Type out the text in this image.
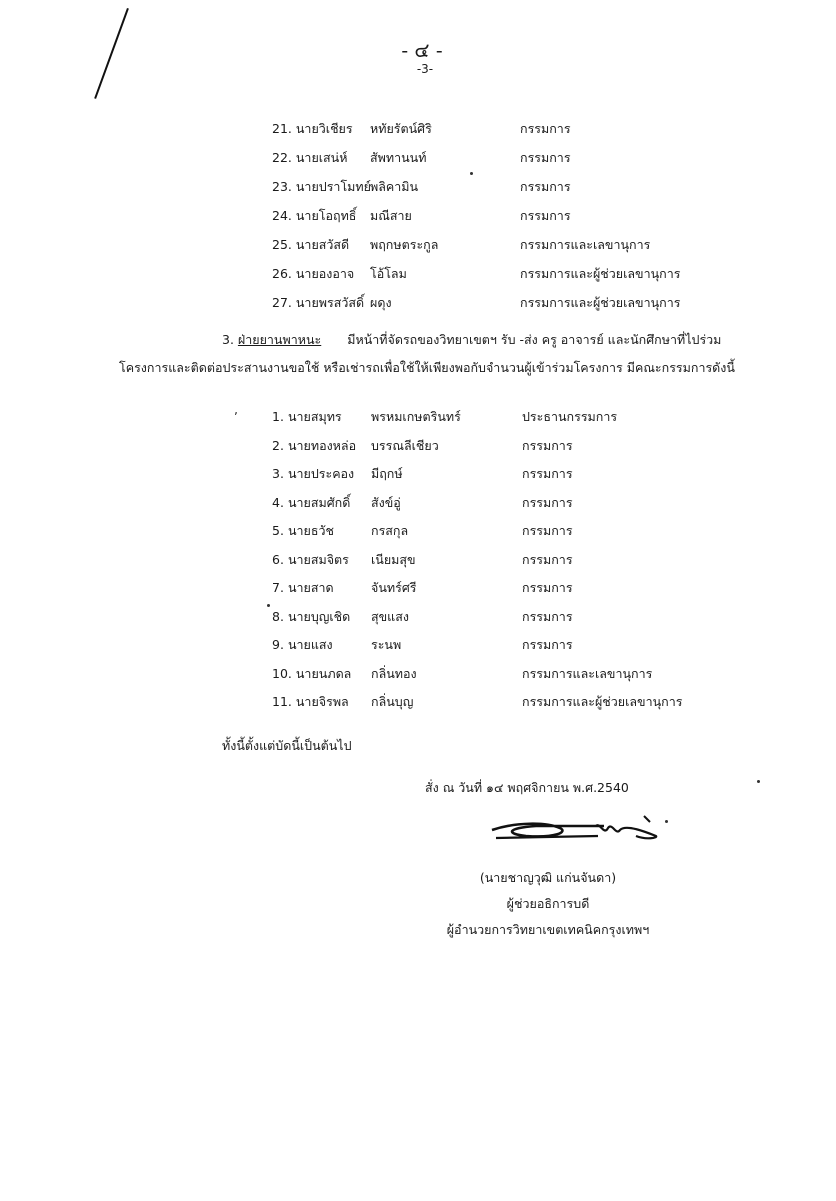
- ๔ -
-3-
21. นายวิเชียร หทัยรัตน์ศิริ	กรรมการ
22. นายเสน่ห์ สัพทานนท์	กรรมการ
23. นายปราโมทย์ พลิคามิน	กรรมการ
24. นายโอฤทธิ์ มณีสาย	กรรมการ
25. นายสวัสดี พฤกษตระกูล	กรรมการและเลขานุการ
26. นายองอาจ โอ้โลม	กรรมการและผู้ช่วยเลขานุการ
27. นายพรสวัสดิ์ ผดุง	กรรมการและผู้ช่วยเลขานุการ
3. ฝ่ายยานพาหนะ มีหน้าที่จัดรถของวิทยาเขตฯ รับ -ส่ง ครู อาจารย์ และนักศึกษาที่ไปร่วม
โครงการและติดต่อประสานงานขอใช้ หรือเช่ารถเพื่อใช้ให้เพียงพอกับจำนวนผู้เข้าร่วมโครงการ มีคณะกรรมการดังนี้
ʼ	1. นายสมุทร พรหมเกษตรินทร์	ประธานกรรมการ
2. นายทองหล่อ บรรณลีเชียว	กรรมการ
3. นายประคอง มีฤกษ์	กรรมการ
4. นายสมศักดิ์ สังข์อู่	กรรมการ
5. นายธวัช	กรสกุล	กรรมการ
6. นายสมจิตร เนียมสุข	กรรมการ
7. นายสาด	จันทร์ศรี	กรรมการ
8. นายบุญเชิด สุขแสง	กรรมการ
9. นายแสง	ระนพ	กรรมการ
10. นายนภดล กลิ่นทอง	กรรมการและเลขานุการ
11. นายจิรพล กลิ่นบุญ	กรรมการและผู้ช่วยเลขานุการ
ทั้งนี้ตั้งแต่บัดนี้เป็นต้นไป
สั่ง ณ วันที่ ๑๔ พฤศจิกายน พ.ศ.2540
(นายชาญวุฒิ แก่นจันดา)
ผู้ช่วยอธิการบดี
ผู้อำนวยการวิทยาเขตเทคนิคกรุงเทพฯ
